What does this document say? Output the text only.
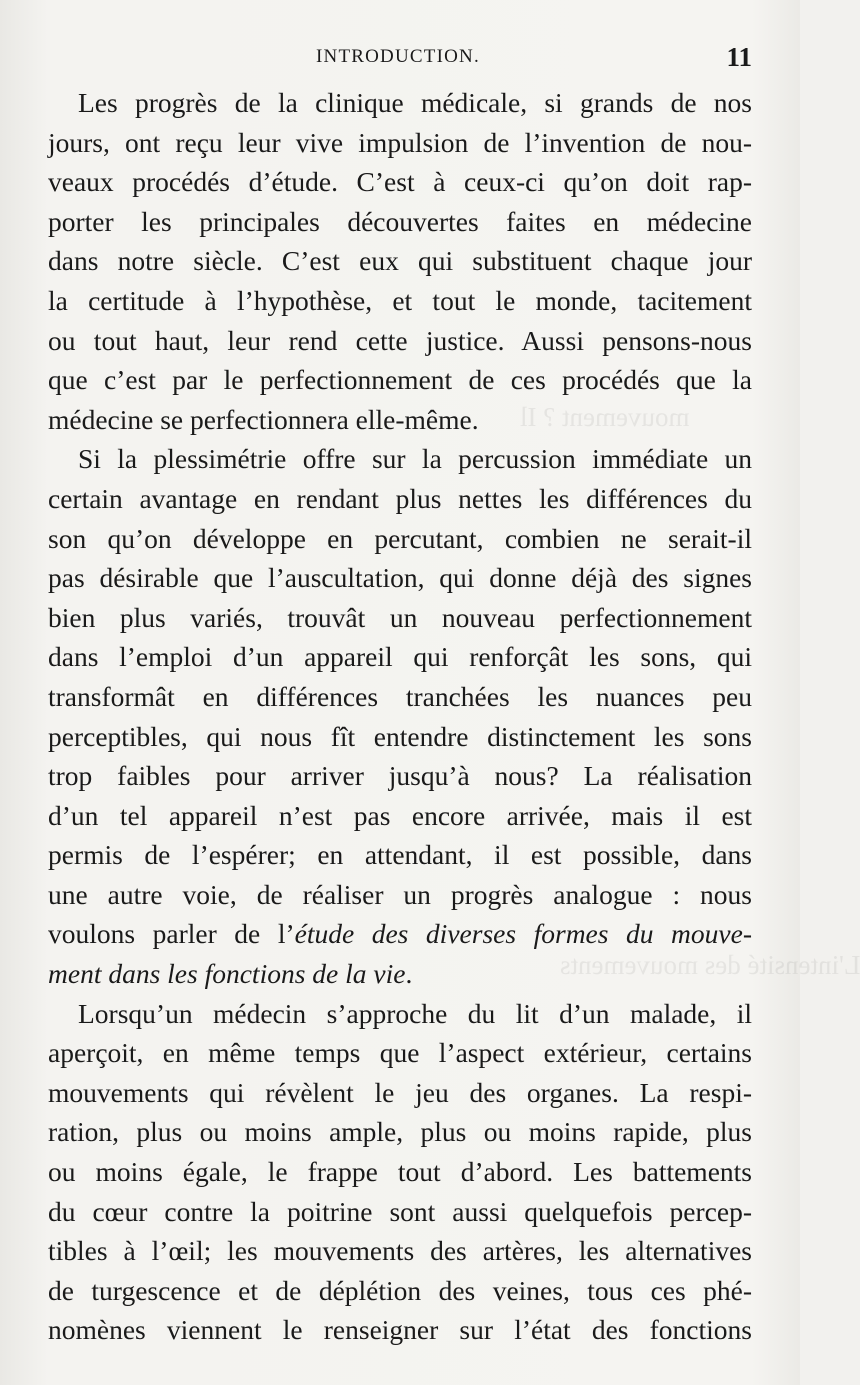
mouvement ? Il
L'intensité des mouvements
INTRODUCTION.	11
Les progrès de la clinique médicale, si grands de nos
jours, ont reçu leur vive impulsion de l’invention de nou-
veaux procédés d’étude. C’est à ceux-ci qu’on doit rap-
porter les principales découvertes faites en médecine
dans notre siècle. C’est eux qui substituent chaque jour
la certitude à l’hypothèse, et tout le monde, tacitement
ou tout haut, leur rend cette justice. Aussi pensons-nous
que c’est par le perfectionnement de ces procédés que la
médecine se perfectionnera elle-même.
Si la plessimétrie offre sur la percussion immédiate un
certain avantage en rendant plus nettes les différences du
son qu’on développe en percutant, combien ne serait-il
pas désirable que l’auscultation, qui donne déjà des signes
bien plus variés, trouvât un nouveau perfectionnement
dans l’emploi d’un appareil qui renforçât les sons, qui
transformât en différences tranchées les nuances peu
perceptibles, qui nous fît entendre distinctement les sons
trop faibles pour arriver jusqu’à nous? La réalisation
d’un tel appareil n’est pas encore arrivée, mais il est
permis de l’espérer; en attendant, il est possible, dans
une autre voie, de réaliser un progrès analogue : nous
voulons parler de l’étude des diverses formes du mouve-
ment dans les fonctions de la vie.
Lorsqu’un médecin s’approche du lit d’un malade, il
aperçoit, en même temps que l’aspect extérieur, certains
mouvements qui révèlent le jeu des organes. La respi-
ration, plus ou moins ample, plus ou moins rapide, plus
ou moins égale, le frappe tout d’abord. Les battements
du cœur contre la poitrine sont aussi quelquefois percep-
tibles à l’œil; les mouvements des artères, les alternatives
de turgescence et de déplétion des veines, tous ces phé-
nomènes viennent le renseigner sur l’état des fonctions
